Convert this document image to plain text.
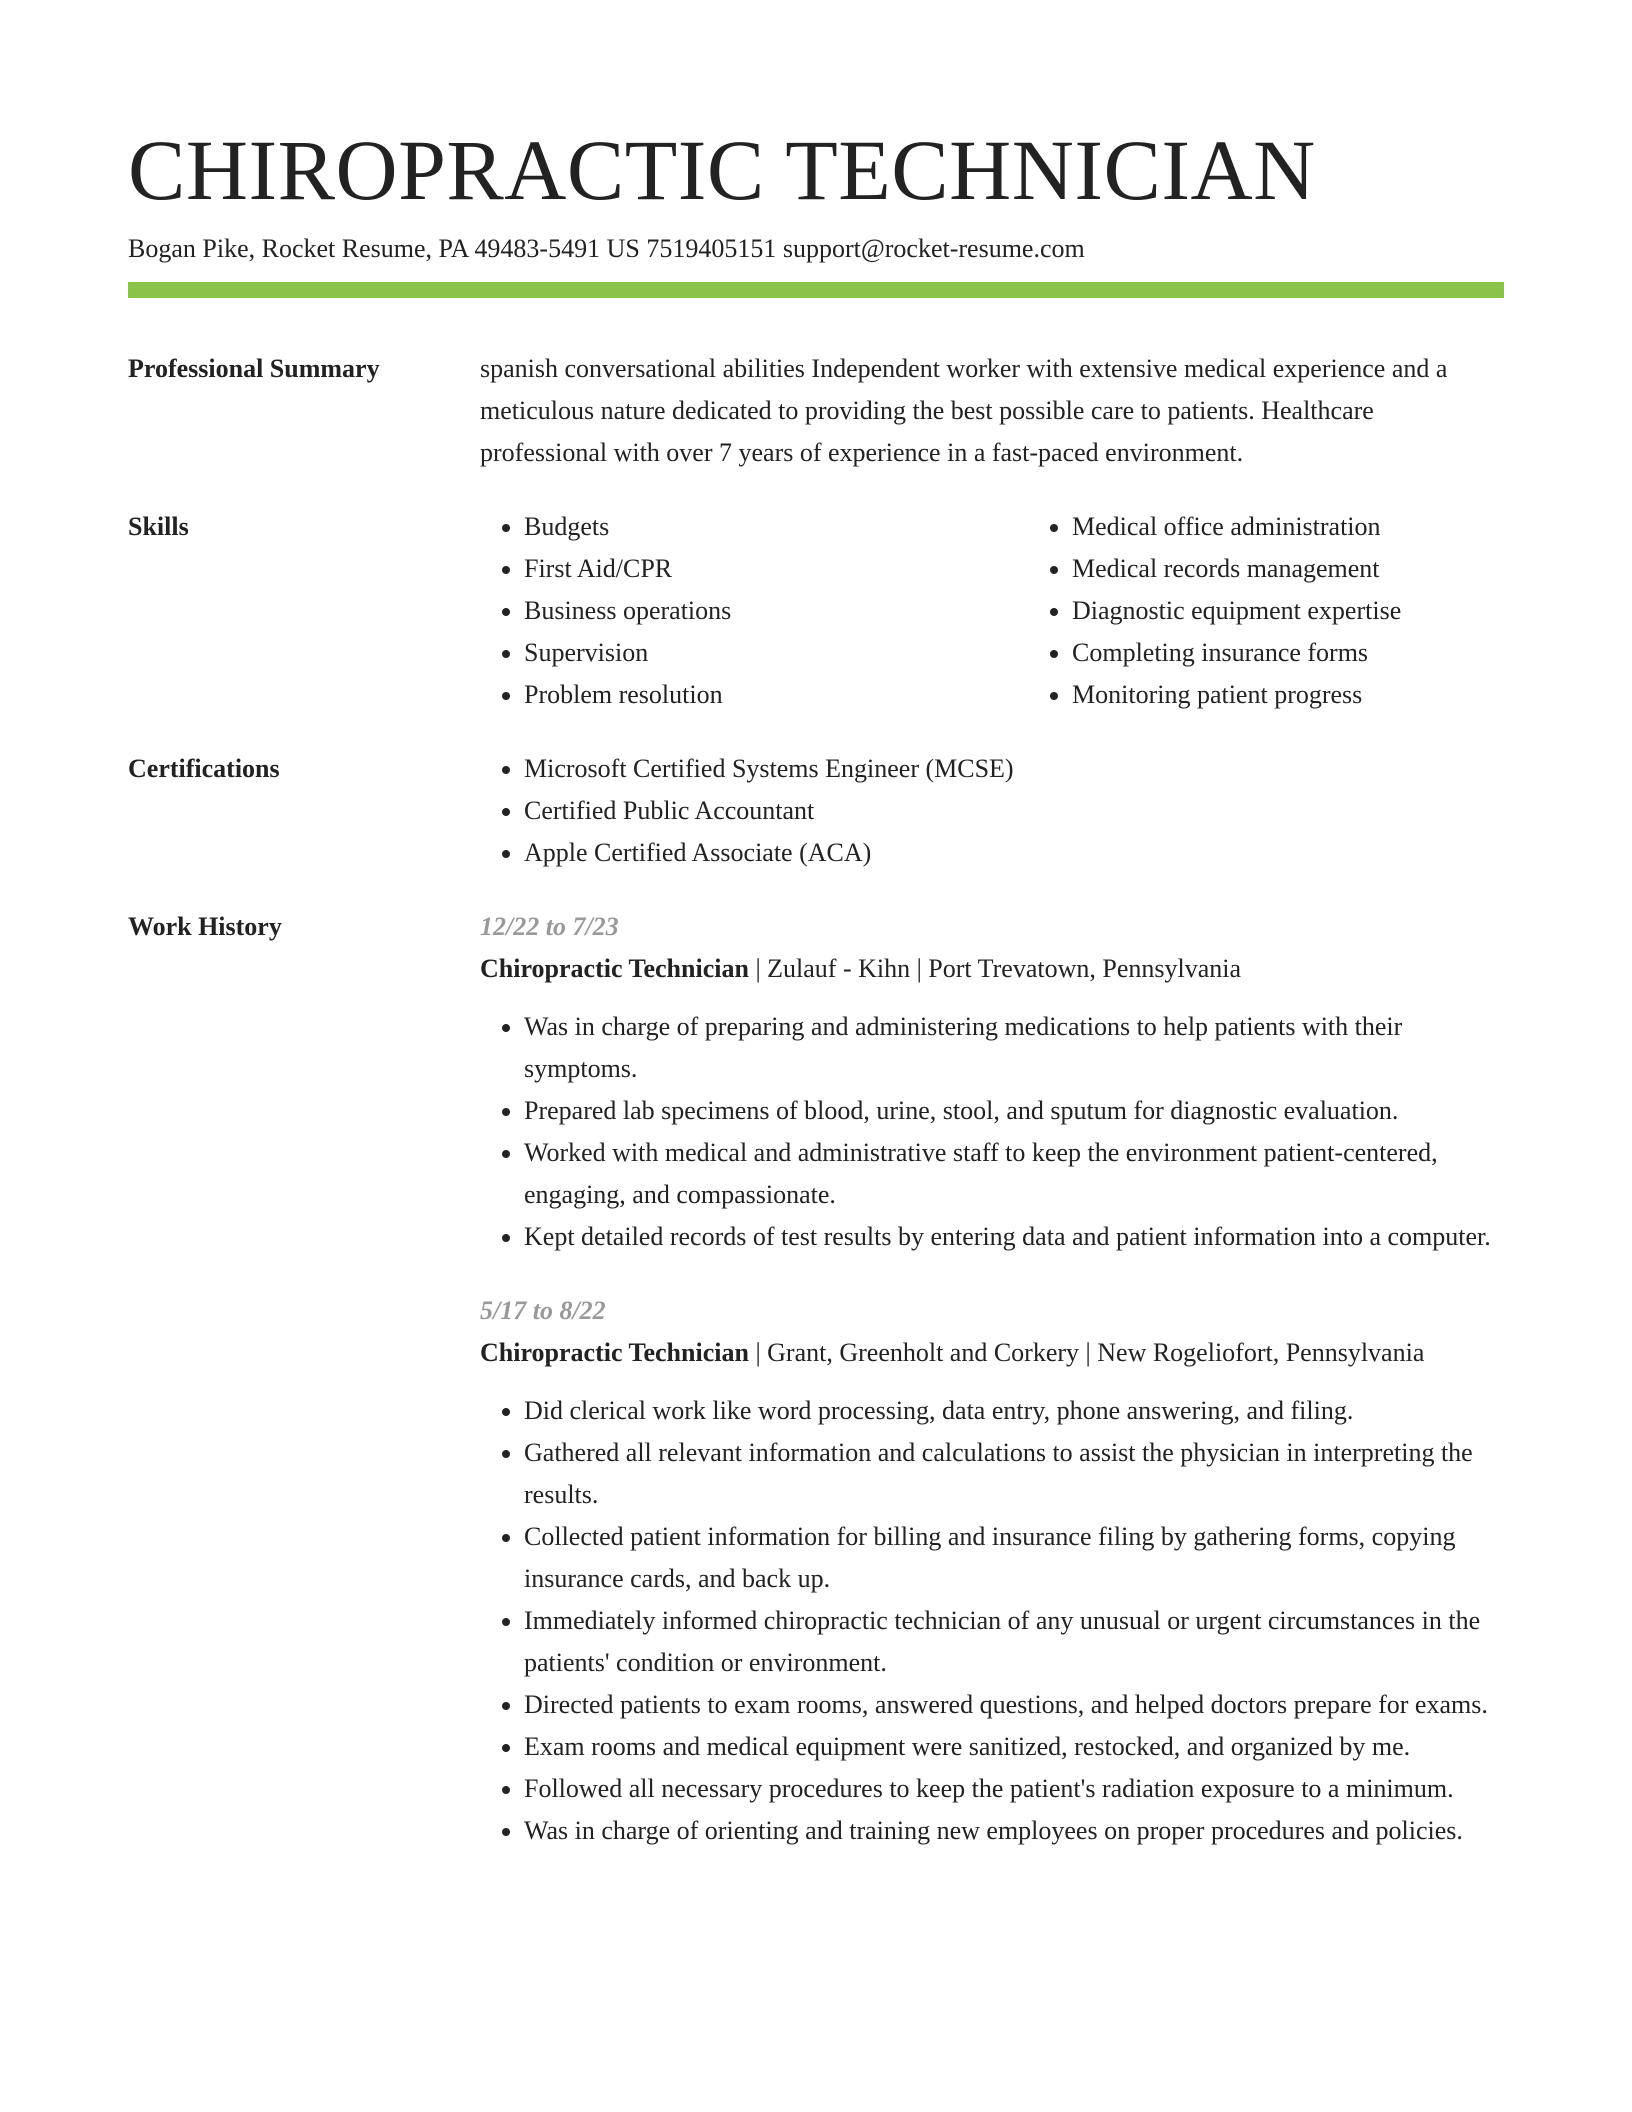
CHIROPRACTIC TECHNICIAN
Bogan Pike, Rocket Resume, PA 49483-5491 US 7519405151 support@rocket-resume.com
Professional Summary	spanish conversational abilities Independent worker with extensive medical experience and a meticulous nature dedicated to providing the best possible care to patients. Healthcare professional with over 7 years of experience in a fast-paced environment.
Skills	• Budgets
• First Aid/CPR
• Business operations
• Supervision
• Problem resolution
• Medical office administration
• Medical records management
• Diagnostic equipment expertise
• Completing insurance forms
• Monitoring patient progress
Certifications	• Microsoft Certified Systems Engineer (MCSE)
• Certified Public Accountant
• Apple Certified Associate (ACA)
Work History	12/22 to 7/23
Chiropractic Technician | Zulauf - Kihn | Port Trevatown, Pennsylvania
• Was in charge of preparing and administering medications to help patients with their symptoms.
• Prepared lab specimens of blood, urine, stool, and sputum for diagnostic evaluation.
• Worked with medical and administrative staff to keep the environment patient-centered, engaging, and compassionate.
• Kept detailed records of test results by entering data and patient information into a computer.
5/17 to 8/22
Chiropractic Technician | Grant, Greenholt and Corkery | New Rogeliofort, Pennsylvania
• Did clerical work like word processing, data entry, phone answering, and filing.
• Gathered all relevant information and calculations to assist the physician in interpreting the results.
• Collected patient information for billing and insurance filing by gathering forms, copying insurance cards, and back up.
• Immediately informed chiropractic technician of any unusual or urgent circumstances in the patients' condition or environment.
• Directed patients to exam rooms, answered questions, and helped doctors prepare for exams.
• Exam rooms and medical equipment were sanitized, restocked, and organized by me.
• Followed all necessary procedures to keep the patient's radiation exposure to a minimum.
• Was in charge of orienting and training new employees on proper procedures and policies.
